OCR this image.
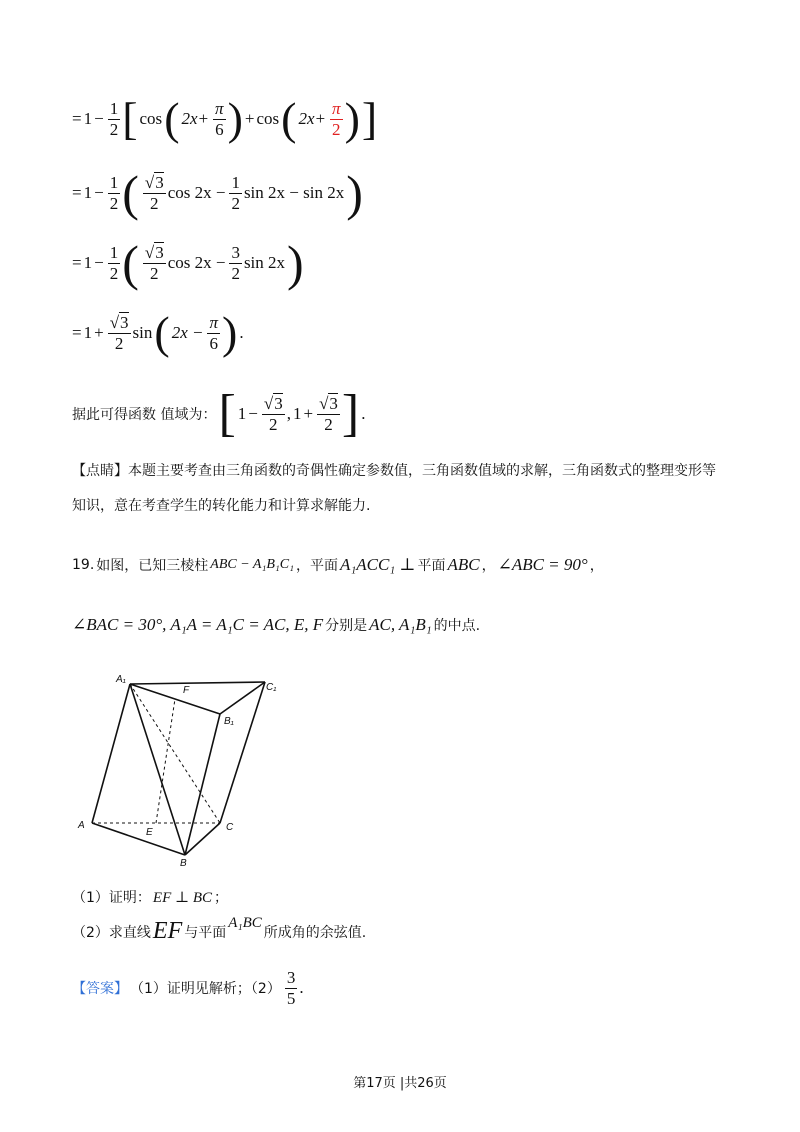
= $1 - \frac{1}{2}$ [ cos ( $2x+ \frac{\pi}{6}$ ) + cos ( $2x+ \frac{\pi}{2}$ ) ]
= $1 - \frac{1}{2}$ ( $\frac{√3}{2}$ $\cos 2x - \frac{1}{2}$ sin 2x − sin 2x )
= $1 - \frac{1}{2}$ ( $\frac{√3}{2}$ $\cos 2x - \frac{3}{2}$ sin 2x )
= $1 + \frac{√3}{2}$ sin ( $2x - \frac{\pi}{6}$ ) .
据此可得函数 值域为： [ $1 - \frac{√3}{2}$ , $1 + \frac{√3}{2}$ ] .
【点睛】本题主要考查由三角函数的奇偶性确定参数值，三角函数值域的求解，三角函数式的整理变形等
知识，意在考查学生的转化能力和计算求解能力.
19. 如图，已知三棱柱 ABC − A₁B₁C₁ ，平面 A₁ACC₁ ⊥ 平面 ABC ， ∠ABC = 90° ，
∠BAC = 30°, A₁A = A₁C = AC, E, F 分别是 AC, A₁B₁ 的中点.
A₁
F	C₁
B₁
A
E	C
B
（1）证明： EF ⊥ BC ；
（2）求直线 EF 与平面
A₁BC
所成角的余弦值.
【答案】 （1）证明见解析；$(2) \frac{3}{5}$ .
第17页 |共26页
